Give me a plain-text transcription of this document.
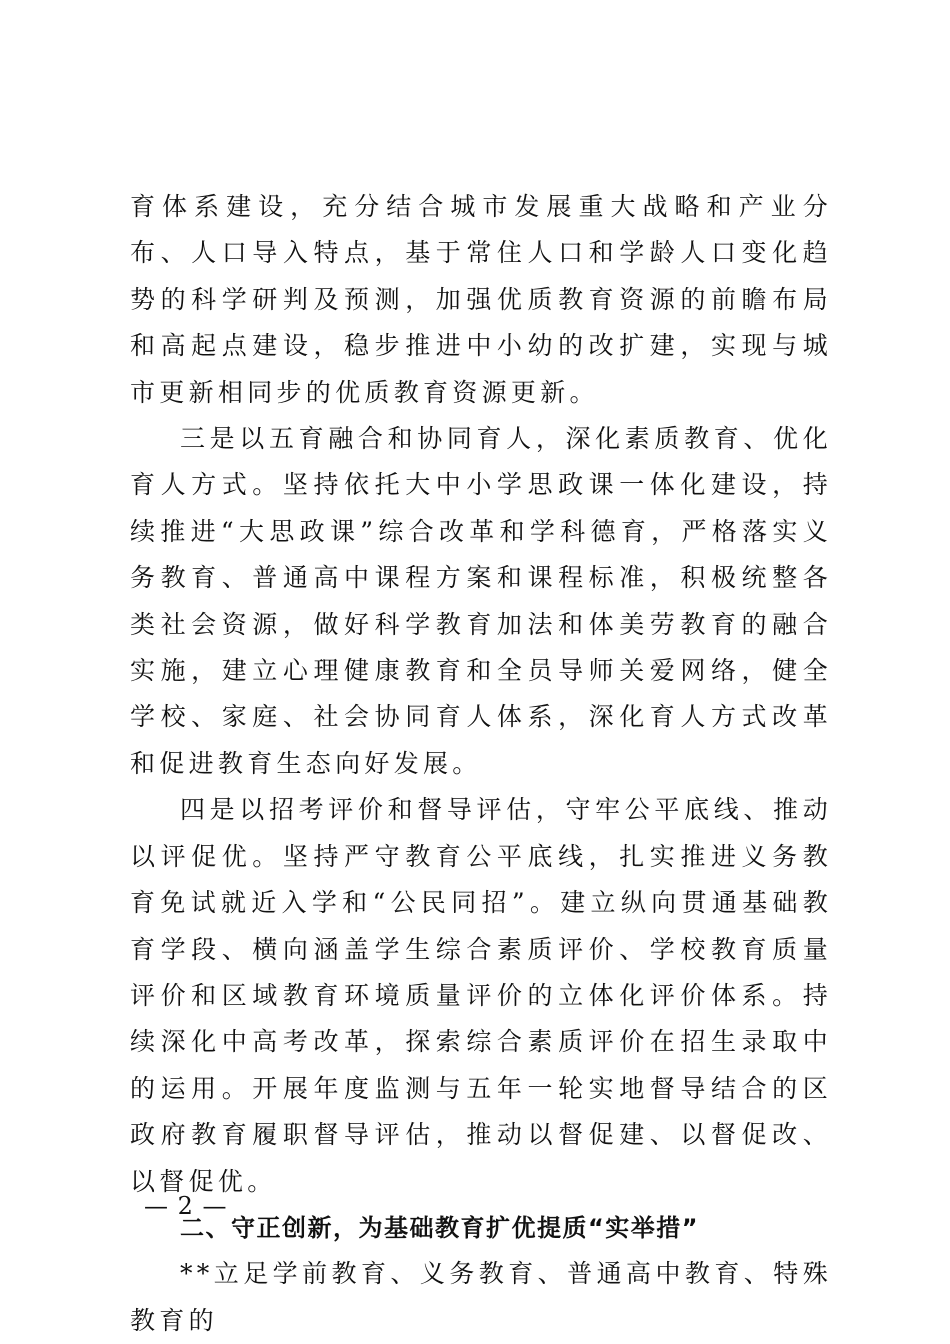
育体系建设，充分结合城市发展重大战略和产业分布、人口导入特点，基于常住人口和学龄人口变化趋势的科学研判及预测，加强优质教育资源的前瞻布局和高起点建设，稳步推进中小幼的改扩建，实现与城市更新相同步的优质教育资源更新。

三是以五育融合和协同育人，深化素质教育、优化育人方式。坚持依托大中小学思政课一体化建设，持续推进“大思政课”综合改革和学科德育，严格落实义务教育、普通高中课程方案和课程标准，积极统整各类社会资源，做好科学教育加法和体美劳教育的融合实施，建立心理健康教育和全员导师关爱网络，健全学校、家庭、社会协同育人体系，深化育人方式改革和促进教育生态向好发展。

四是以招考评价和督导评估，守牢公平底线、推动以评促优。坚持严守教育公平底线，扎实推进义务教育免试就近入学和“公民同招”。建立纵向贯通基础教育学段、横向涵盖学生综合素质评价、学校教育质量评价和区域教育环境质量评价的立体化评价体系。持续深化中高考改革，探索综合素质评价在招生录取中的运用。开展年度监测与五年一轮实地督导结合的区政府教育履职督导评估，推动以督促建、以督促改、以督促优。

二、守正创新，为基础教育扩优提质“实举措”

**立足学前教育、义务教育、普通高中教育、特殊教育的

— 2 —
